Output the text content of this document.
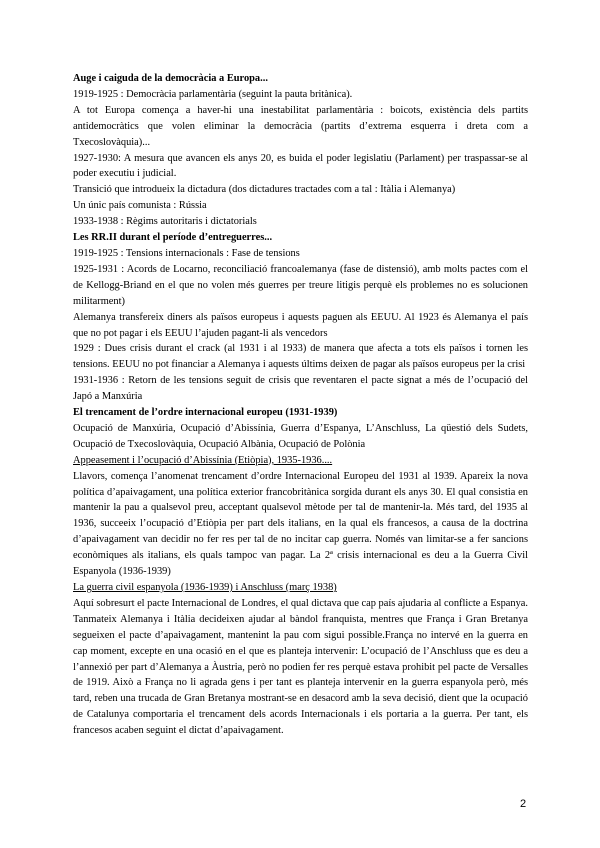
Auge i caiguda de la democràcia a Europa...

1919-1925 : Democràcia parlamentària (seguint la pauta britànica).

A tot Europa comença a haver-hi una inestabilitat parlamentària : boicots, existència dels partits antidemocràtics que volen eliminar la democràcia (partits d’extrema esquerra i dreta com a Txecoslovàquia)...

1927-1930: A mesura que avancen els anys 20, es buida el poder legislatiu (Parlament) per traspassar-se al poder executiu i judicial.

Transició que introdueix la dictadura (dos dictadures tractades com a tal : Itàlia i Alemanya)

Un únic país comunista : Rússia

1933-1938 : Règims autoritaris i dictatorials

Les RR.II durant el període d’entreguerres...

1919-1925 : Tensions internacionals : Fase de tensions

1925-1931 : Acords de Locarno, reconciliació francoalemanya (fase de distensió), amb molts pactes com el de Kellogg-Briand en el que no volen més guerres per treure litigis perquè els problemes no es solucionen militarment)

Alemanya transfereix diners als països europeus i aquests paguen als EEUU. Al 1923 és Alemanya el país que no pot pagar i els EEUU l’ajuden pagant-li als vencedors

1929 : Dues crisis durant el crack (al 1931 i al 1933) de manera que afecta a tots els països i tornen les tensions. EEUU no pot financiar a Alemanya i aquests últims deixen de pagar als països europeus per la crisi

1931-1936 : Retorn de les tensions seguit de crisis que reventaren el pacte signat a més de l’ocupació del Japó a Manxúria

El trencament de l’ordre internacional europeu (1931-1939)

Ocupació de Manxúria, Ocupació d’Abissínia, Guerra d’Espanya, L’Anschluss, La qüestió dels Sudets, Ocupació de Txecoslovàquia, Ocupació Albània, Ocupació de Polònia

Appeasement i l’ocupació d’Abissínia (Etiòpia), 1935-1936....

Llavors, comença l’anomenat trencament d’ordre Internacional Europeu del 1931 al 1939. Apareix la nova política d’apaivagament, una política exterior francobritànica sorgida durant els anys 30. El qual consistia en mantenir la pau a qualsevol preu, acceptant qualsevol mètode per tal de mantenir-la. Més tard, del 1935 al 1936, succeeix l’ocupació d’Etiòpia per part dels italians, en la qual els francesos, a causa de la doctrina d’apaivagament van decidir no fer res per tal de no incitar cap guerra. Només van limitar-se a fer sancions econòmiques als italians, els quals tampoc van pagar. La 2ª crisis internacional es deu a la Guerra Civil Espanyola (1936-1939)

La guerra civil espanyola (1936-1939) i Anschluss (març 1938)

Aquí sobresurt el pacte Internacional de Londres, el qual dictava que cap país ajudaria al conflicte a Espanya. Tanmateix Alemanya i Itàlia decideixen ajudar al bàndol franquista, mentres que França i Gran Bretanya segueixen el pacte d’apaivagament, mantenint la pau com sigui possible.França no intervé en la guerra en cap moment, excepte en una ocasió en el que es planteja intervenir: L’ocupació de l’Anschluss que es deu a l’annexió per part d’Alemanya a Àustria, però no podien fer res perquè estava prohibit pel pacte de Versalles de 1919. Això a França no li agrada gens i per tant es planteja intervenir en la guerra espanyola però, més tard, reben una trucada de Gran Bretanya mostrant-se en desacord amb la seva decisió, dient que la ocupació de Catalunya comportaria el trencament dels acords Internacionals i els portaria a la guerra. Per tant, els francesos acaben seguint el dictat d’apaivagament.

2
